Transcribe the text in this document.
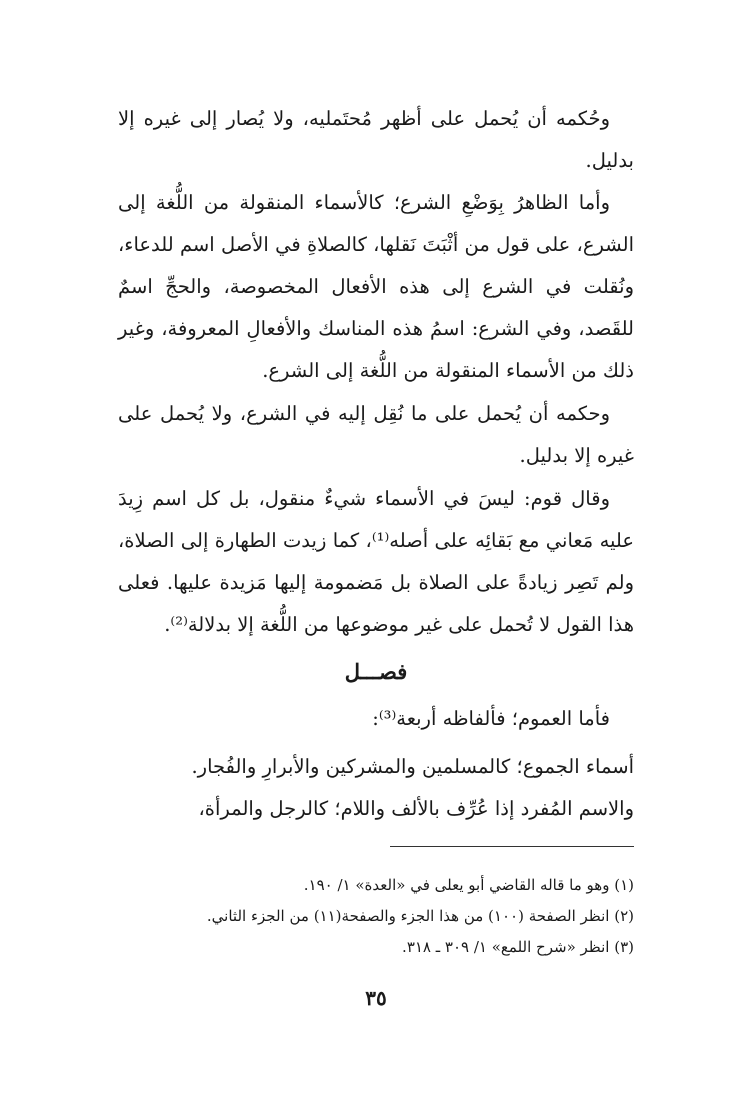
وحُكمه أن يُحمل على أظهر مُحتَمليه، ولا يُصار إلى غيره إلا بدليل.

وأما الظاهرُ بِوَضْعِ الشرع؛ كالأسماء المنقولة من اللُّغة إلى الشرع، على قول من أثْبَتَ نَقلها، كالصلاةِ في الأصل اسم للدعاء، ونُقلت في الشرع إلى هذه الأفعال المخصوصة، والحجِّ اسمٌ للقَصد، وفي الشرع: اسمُ هذه المناسك والأفعالِ المعروفة، وغير ذلك من الأسماء المنقولة من اللُّغة إلى الشرع.

وحكمه أن يُحمل على ما نُقِل إليه في الشرع، ولا يُحمل على غيره إلا بدليل.

وقال قوم: ليسَ في الأسماء شيءٌ منقول، بل كل اسم زِيدَ عليه مَعاني مع بَقائِه على أصله⁽¹⁾، كما زيدت الطهارة إلى الصلاة، ولم تَصِر زيادةً على الصلاة بل مَضمومة إليها مَزيدة عليها. فعلى هذا القول لا تُحمل على غير موضوعها من اللُّغة إلا بدلالة⁽²⁾.

فصـــل

فأما العموم؛ فألفاظه أربعة⁽³⁾:

أسماء الجموع؛ كالمسلمين والمشركين والأبرارِ والفُجار.

والاسم المُفرد إذا عُرِّف بالألف واللام؛ كالرجل والمرأة،

(١) وهو ما قاله القاضي أبو يعلى في «العدة» ١/ ١٩٠.
(٢) انظر الصفحة (١٠٠) من هذا الجزء والصفحة(١١) من الجزء الثاني.
(٣) انظر «شرح اللمع» ١/ ٣٠٩ ـ ٣١٨.
٣٥
